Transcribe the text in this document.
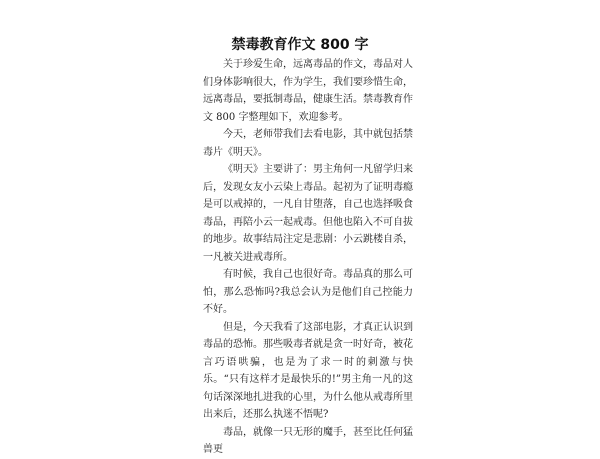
禁毒教育作文 800 字

关于珍爱生命，远离毒品的作文，毒品对人们身体影响很大，作为学生，我们要珍惜生命，远离毒品，要抵制毒品，健康生活。禁毒教育作文 800 字整理如下，欢迎参考。

今天，老师带我们去看电影，其中就包括禁毒片《明天》。

《明天》主要讲了：男主角何一凡留学归来后，发现女友小云染上毒品。起初为了证明毒瘾是可以戒掉的，一凡自甘堕落，自己也选择吸食毒品，再陪小云一起戒毒。但他也陷入不可自拔的地步。故事结局注定是悲剧：小云跳楼自杀，一凡被关进戒毒所。

有时候，我自己也很好奇。毒品真的那么可怕，那么恐怖吗?我总会认为是他们自己控能力不好。

但是，今天我看了这部电影，才真正认识到毒品的恐怖。那些吸毒者就是贪一时好奇，被花言巧语哄骗，也是为了求一时的刺激与快乐。“只有这样才是最快乐的!”男主角一凡的这句话深深地扎进我的心里，为什么他从戒毒所里出来后，还那么执迷不悟呢?

毒品，就像一只无形的魔手，甚至比任何猛兽更
